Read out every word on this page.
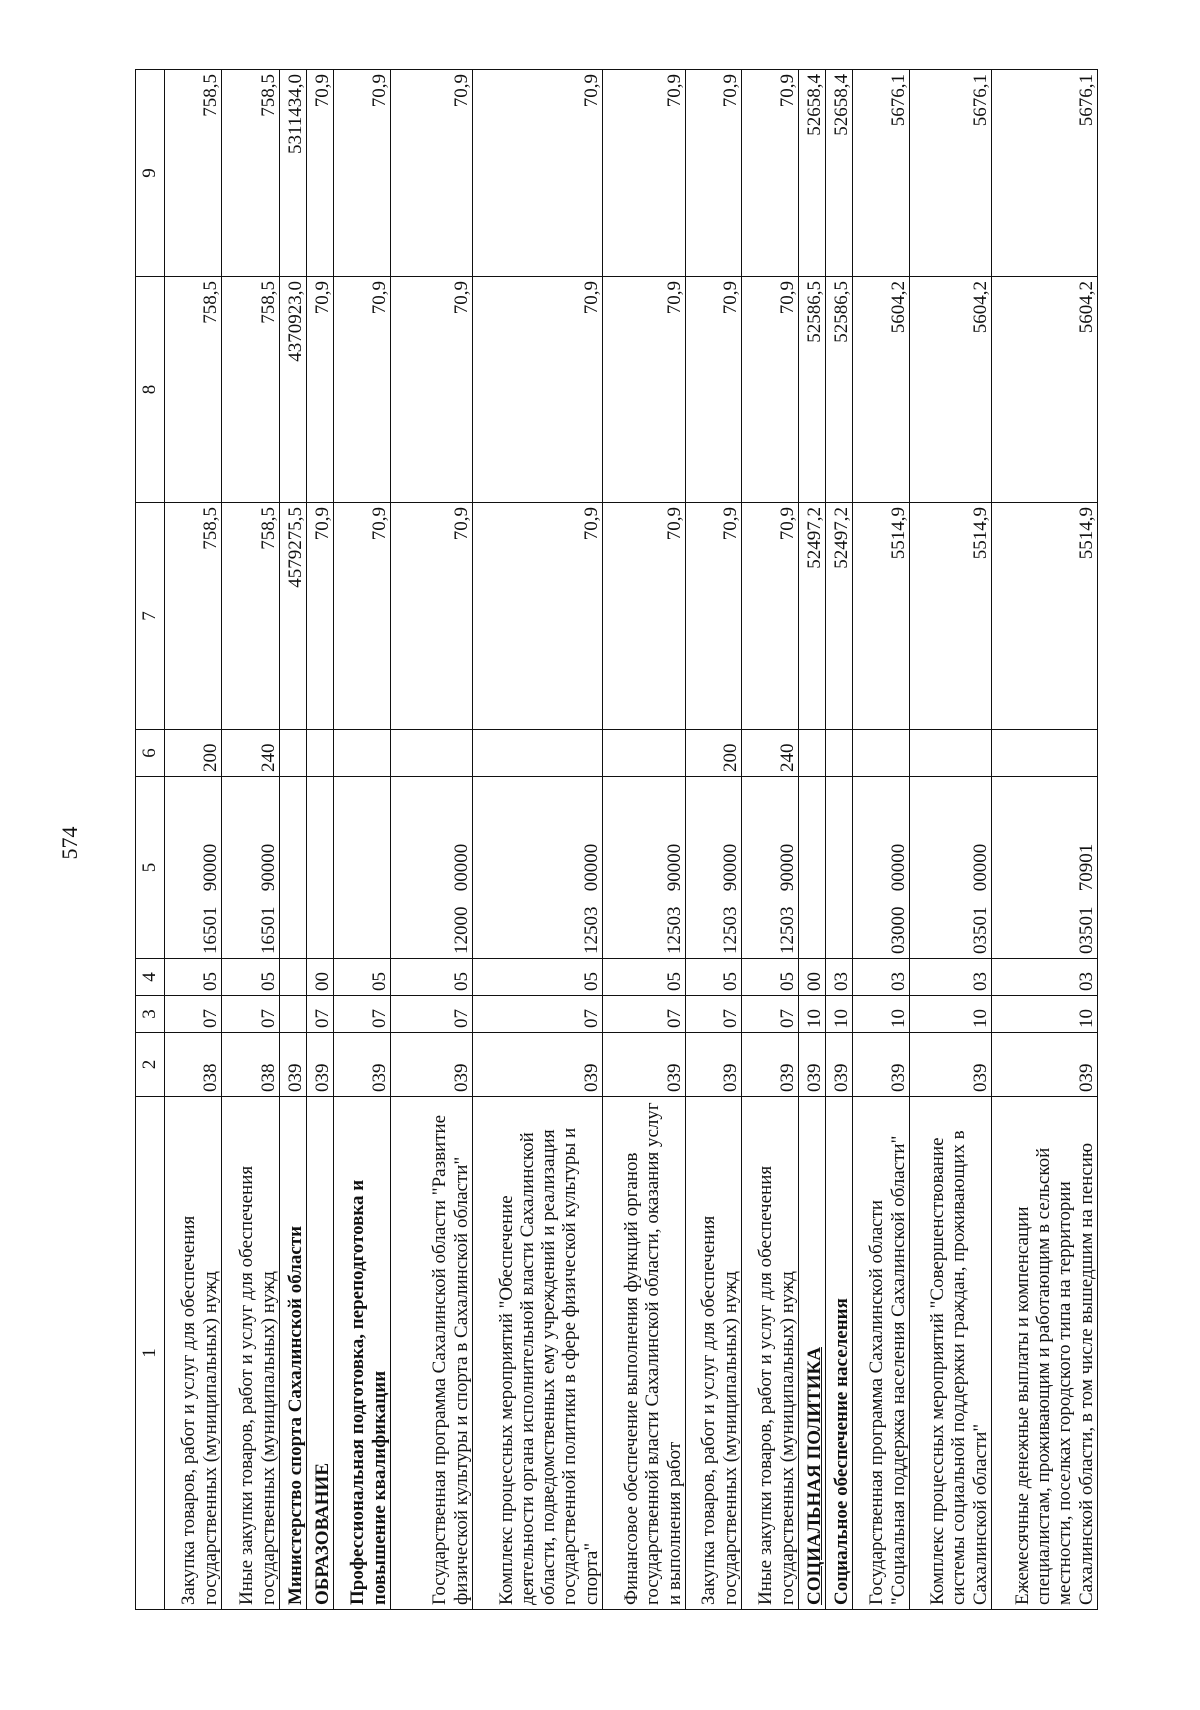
574
1	2	3	4	5	6	7	8	9
Закупка товаров, работ и услуг для обеспечения государственных (муниципальных) нужд	038	07	05	16501 90000	200	758,5	758,5	758,5
Иные закупки товаров, работ и услуг для обеспечения государственных (муниципальных) нужд	038	07	05	16501 90000	240	758,5	758,5	758,5
Министерство спорта Сахалинской области	039					4579275,5	4370923,0	5311434,0
ОБРАЗОВАНИЕ	039	07	00			70,9	70,9	70,9
Профессиональная подготовка, переподготовка и повышение квалификации	039	07	05			70,9	70,9	70,9
Государственная программа Сахалинской области "Развитие физической культуры и спорта в Сахалинской области"	039	07	05	12000 00000		70,9	70,9	70,9
Комплекс процессных мероприятий "Обеспечение деятельности органа исполнительной власти Сахалинской области, подведомственных ему учреждений и реализация государственной политики в сфере физической культуры и спорта"	039	07	05	12503 00000		70,9	70,9	70,9
Финансовое обеспечение выполнения функций органов государственной власти Сахалинской области, оказания услуг и выполнения работ	039	07	05	12503 90000		70,9	70,9	70,9
Закупка товаров, работ и услуг для обеспечения государственных (муниципальных) нужд	039	07	05	12503 90000	200	70,9	70,9	70,9
Иные закупки товаров, работ и услуг для обеспечения государственных (муниципальных) нужд	039	07	05	12503 90000	240	70,9	70,9	70,9
СОЦИАЛЬНАЯ ПОЛИТИКА	039	10	00			52497,2	52586,5	52658,4
Социальное обеспечение населения	039	10	03			52497,2	52586,5	52658,4
Государственная программа Сахалинской области "Социальная поддержка населения Сахалинской области"	039	10	03	03000 00000		5514,9	5604,2	5676,1
Комплекс процессных мероприятий "Совершенствование системы социальной поддержки граждан, проживающих в Сахалинской области"	039	10	03	03501 00000		5514,9	5604,2	5676,1
Ежемесячные денежные выплаты и компенсации специалистам, проживающим и работающим в сельской местности, поселках городского типа на территории Сахалинской области, в том числе вышедшим на пенсию	039	10	03	03501 70901		5514,9	5604,2	5676,1
